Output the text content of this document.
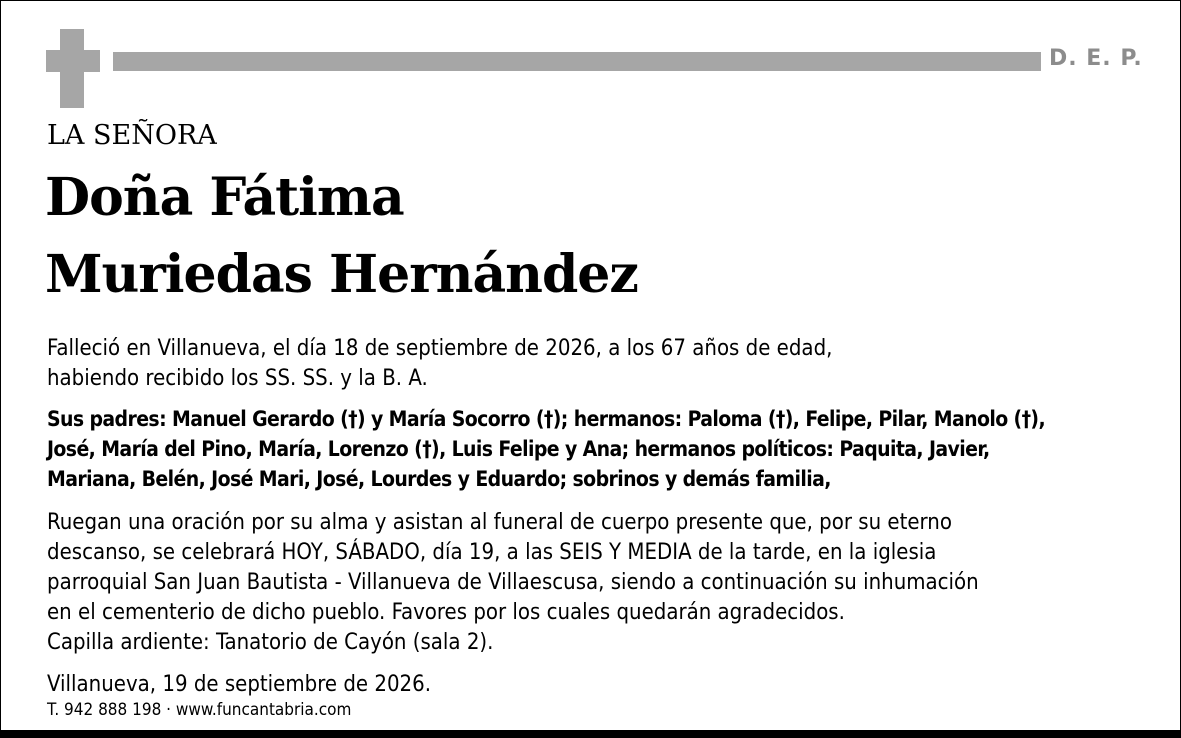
D. E. P.
LA SEÑORA
Doña Fátima
Muriedas Hernández
Falleció en Villanueva, el día 18 de septiembre de 2026, a los 67 años de edad,
habiendo recibido los SS. SS. y la B. A.
Sus padres: Manuel Gerardo (†) y María Socorro (†); hermanos: Paloma (†), Felipe, Pilar, Manolo (†),
José, María del Pino, María, Lorenzo (†), Luis Felipe y Ana; hermanos políticos: Paquita, Javier,
Mariana, Belén, José Mari, José, Lourdes y Eduardo; sobrinos y demás familia,
Ruegan una oración por su alma y asistan al funeral de cuerpo presente que, por su eterno
descanso, se celebrará HOY, SÁBADO, día 19, a las SEIS Y MEDIA de la tarde, en la iglesia
parroquial San Juan Bautista - Villanueva de Villaescusa, siendo a continuación su inhumación
en el cementerio de dicho pueblo. Favores por los cuales quedarán agradecidos.
Capilla ardiente: Tanatorio de Cayón (sala 2).
Villanueva, 19 de septiembre de 2026.
T. 942 888 198 · www.funcantabria.com
